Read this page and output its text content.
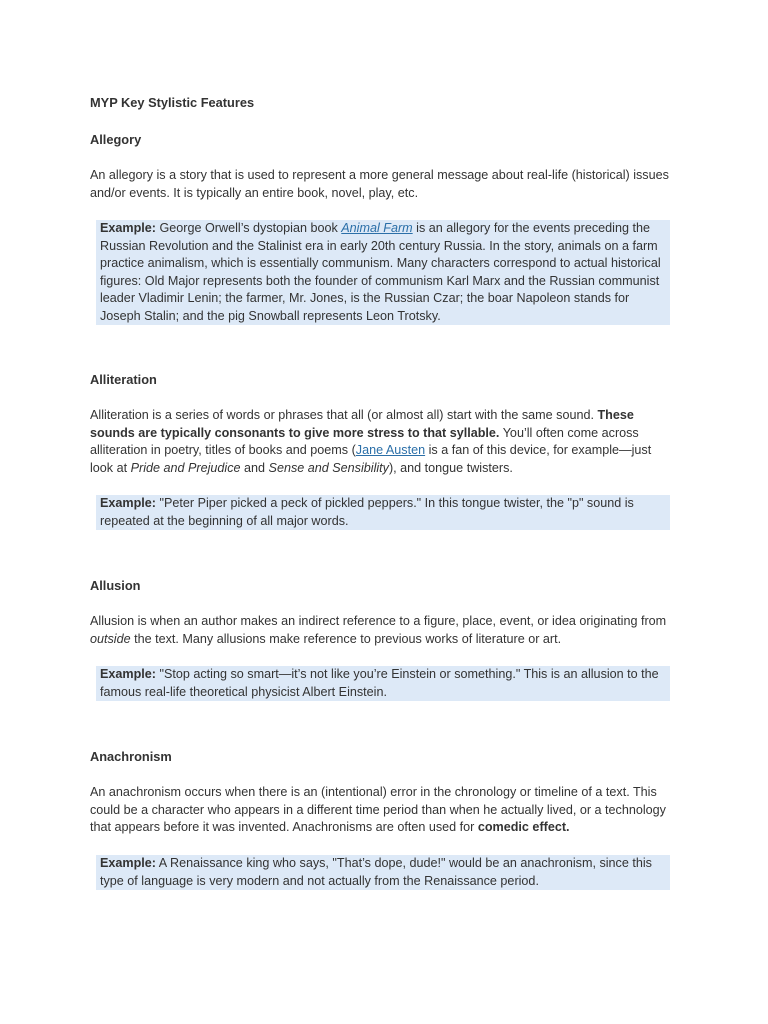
MYP Key Stylistic Features
Allegory

An allegory is a story that is used to represent a more general message about real-life (historical) issues and/or events. It is typically an entire book, novel, play, etc.

Example: George Orwell’s dystopian book Animal Farm is an allegory for the events preceding the Russian Revolution and the Stalinist era in early 20th century Russia. In the story, animals on a farm practice animalism, which is essentially communism. Many characters correspond to actual historical figures: Old Major represents both the founder of communism Karl Marx and the Russian communist leader Vladimir Lenin; the farmer, Mr. Jones, is the Russian Czar; the boar Napoleon stands for Joseph Stalin; and the pig Snowball represents Leon Trotsky.

Alliteration

Alliteration is a series of words or phrases that all (or almost all) start with the same sound. These sounds are typically consonants to give more stress to that syllable. You’ll often come across alliteration in poetry, titles of books and poems (Jane Austen is a fan of this device, for example—just look at Pride and Prejudice and Sense and Sensibility), and tongue twisters.

Example: "Peter Piper picked a peck of pickled peppers." In this tongue twister, the "p" sound is repeated at the beginning of all major words.

Allusion

Allusion is when an author makes an indirect reference to a figure, place, event, or idea originating from outside the text. Many allusions make reference to previous works of literature or art.

Example: "Stop acting so smart—it’s not like you’re Einstein or something." This is an allusion to the famous real-life theoretical physicist Albert Einstein.

Anachronism

An anachronism occurs when there is an (intentional) error in the chronology or timeline of a text. This could be a character who appears in a different time period than when he actually lived, or a technology that appears before it was invented. Anachronisms are often used for comedic effect.

Example: A Renaissance king who says, "That’s dope, dude!" would be an anachronism, since this type of language is very modern and not actually from the Renaissance period.
